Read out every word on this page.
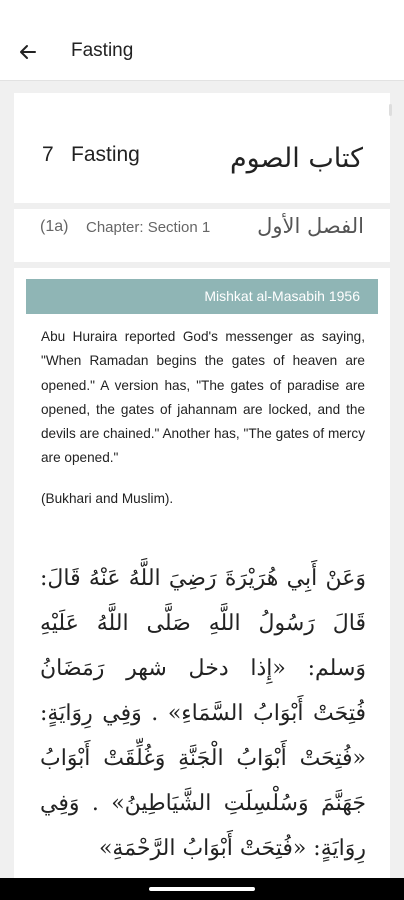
Fasting
7 Fasting	كتاب الصوم
(1a) Chapter: Section 1 الفصل الأول
Mishkat al-Masabih 1956
Abu Huraira reported God's messenger as saying, "When Ramadan begins the gates of heaven are opened." A version has, "The gates of paradise are opened, the gates of jahannam are locked, and the devils are chained." Another has, "The gates of mercy are opened."
(Bukhari and Muslim).
وَعَنْ أَبِي هُرَيْرَةَ رَضِيَ اللَّهُ عَنْهُ قَالَ: قَالَ رَسُولُ اللَّهِ صَلَّى اللَّهُ عَلَيْهِ وَسلم: «إِذا دخل شهر رَمَضَانُ فُتِحَتْ أَبْوَابُ السَّمَاءِ» . وَفِي رِوَايَةٍ: «فُتِحَتْ أَبْوَابُ الْجَنَّةِ وَغُلِّقَتْ أَبْوَابُ جَهَنَّمَ وَسُلْسِلَتِ الشَّيَاطِينُ» . وَفِي رِوَايَةٍ: «فُتِحَتْ أَبْوَابُ الرَّحْمَةِ»
